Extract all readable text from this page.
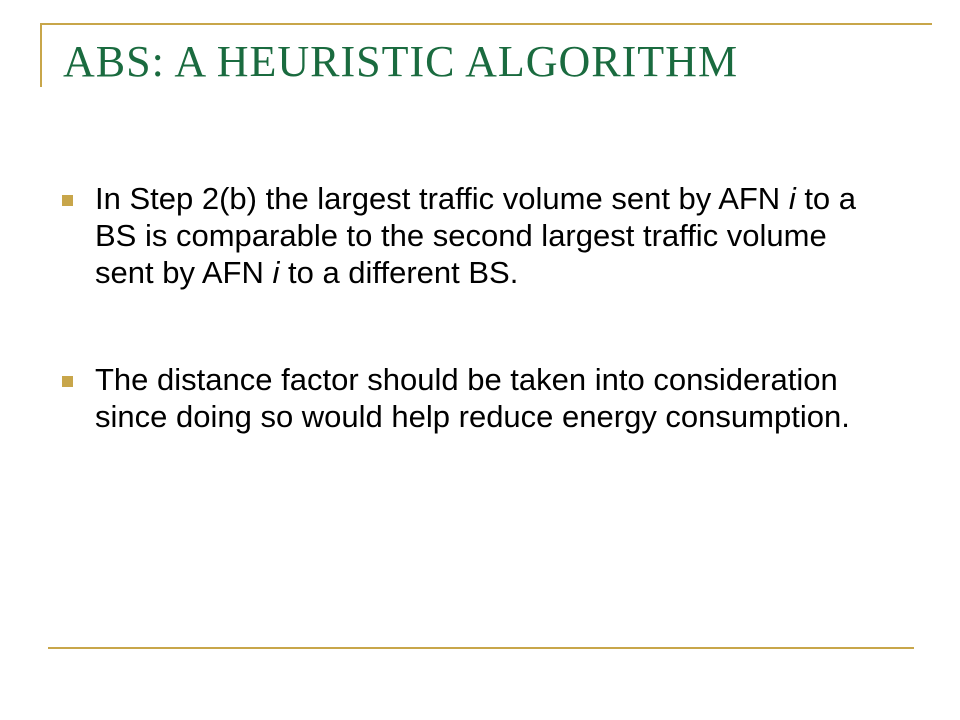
ABS: A HEURISTIC ALGORITHM
In Step 2(b) the largest traffic volume sent by AFN i to a BS is comparable to the second largest traffic volume sent by AFN i to a different BS.
The distance factor should be taken into consideration since doing so would help reduce energy consumption.
